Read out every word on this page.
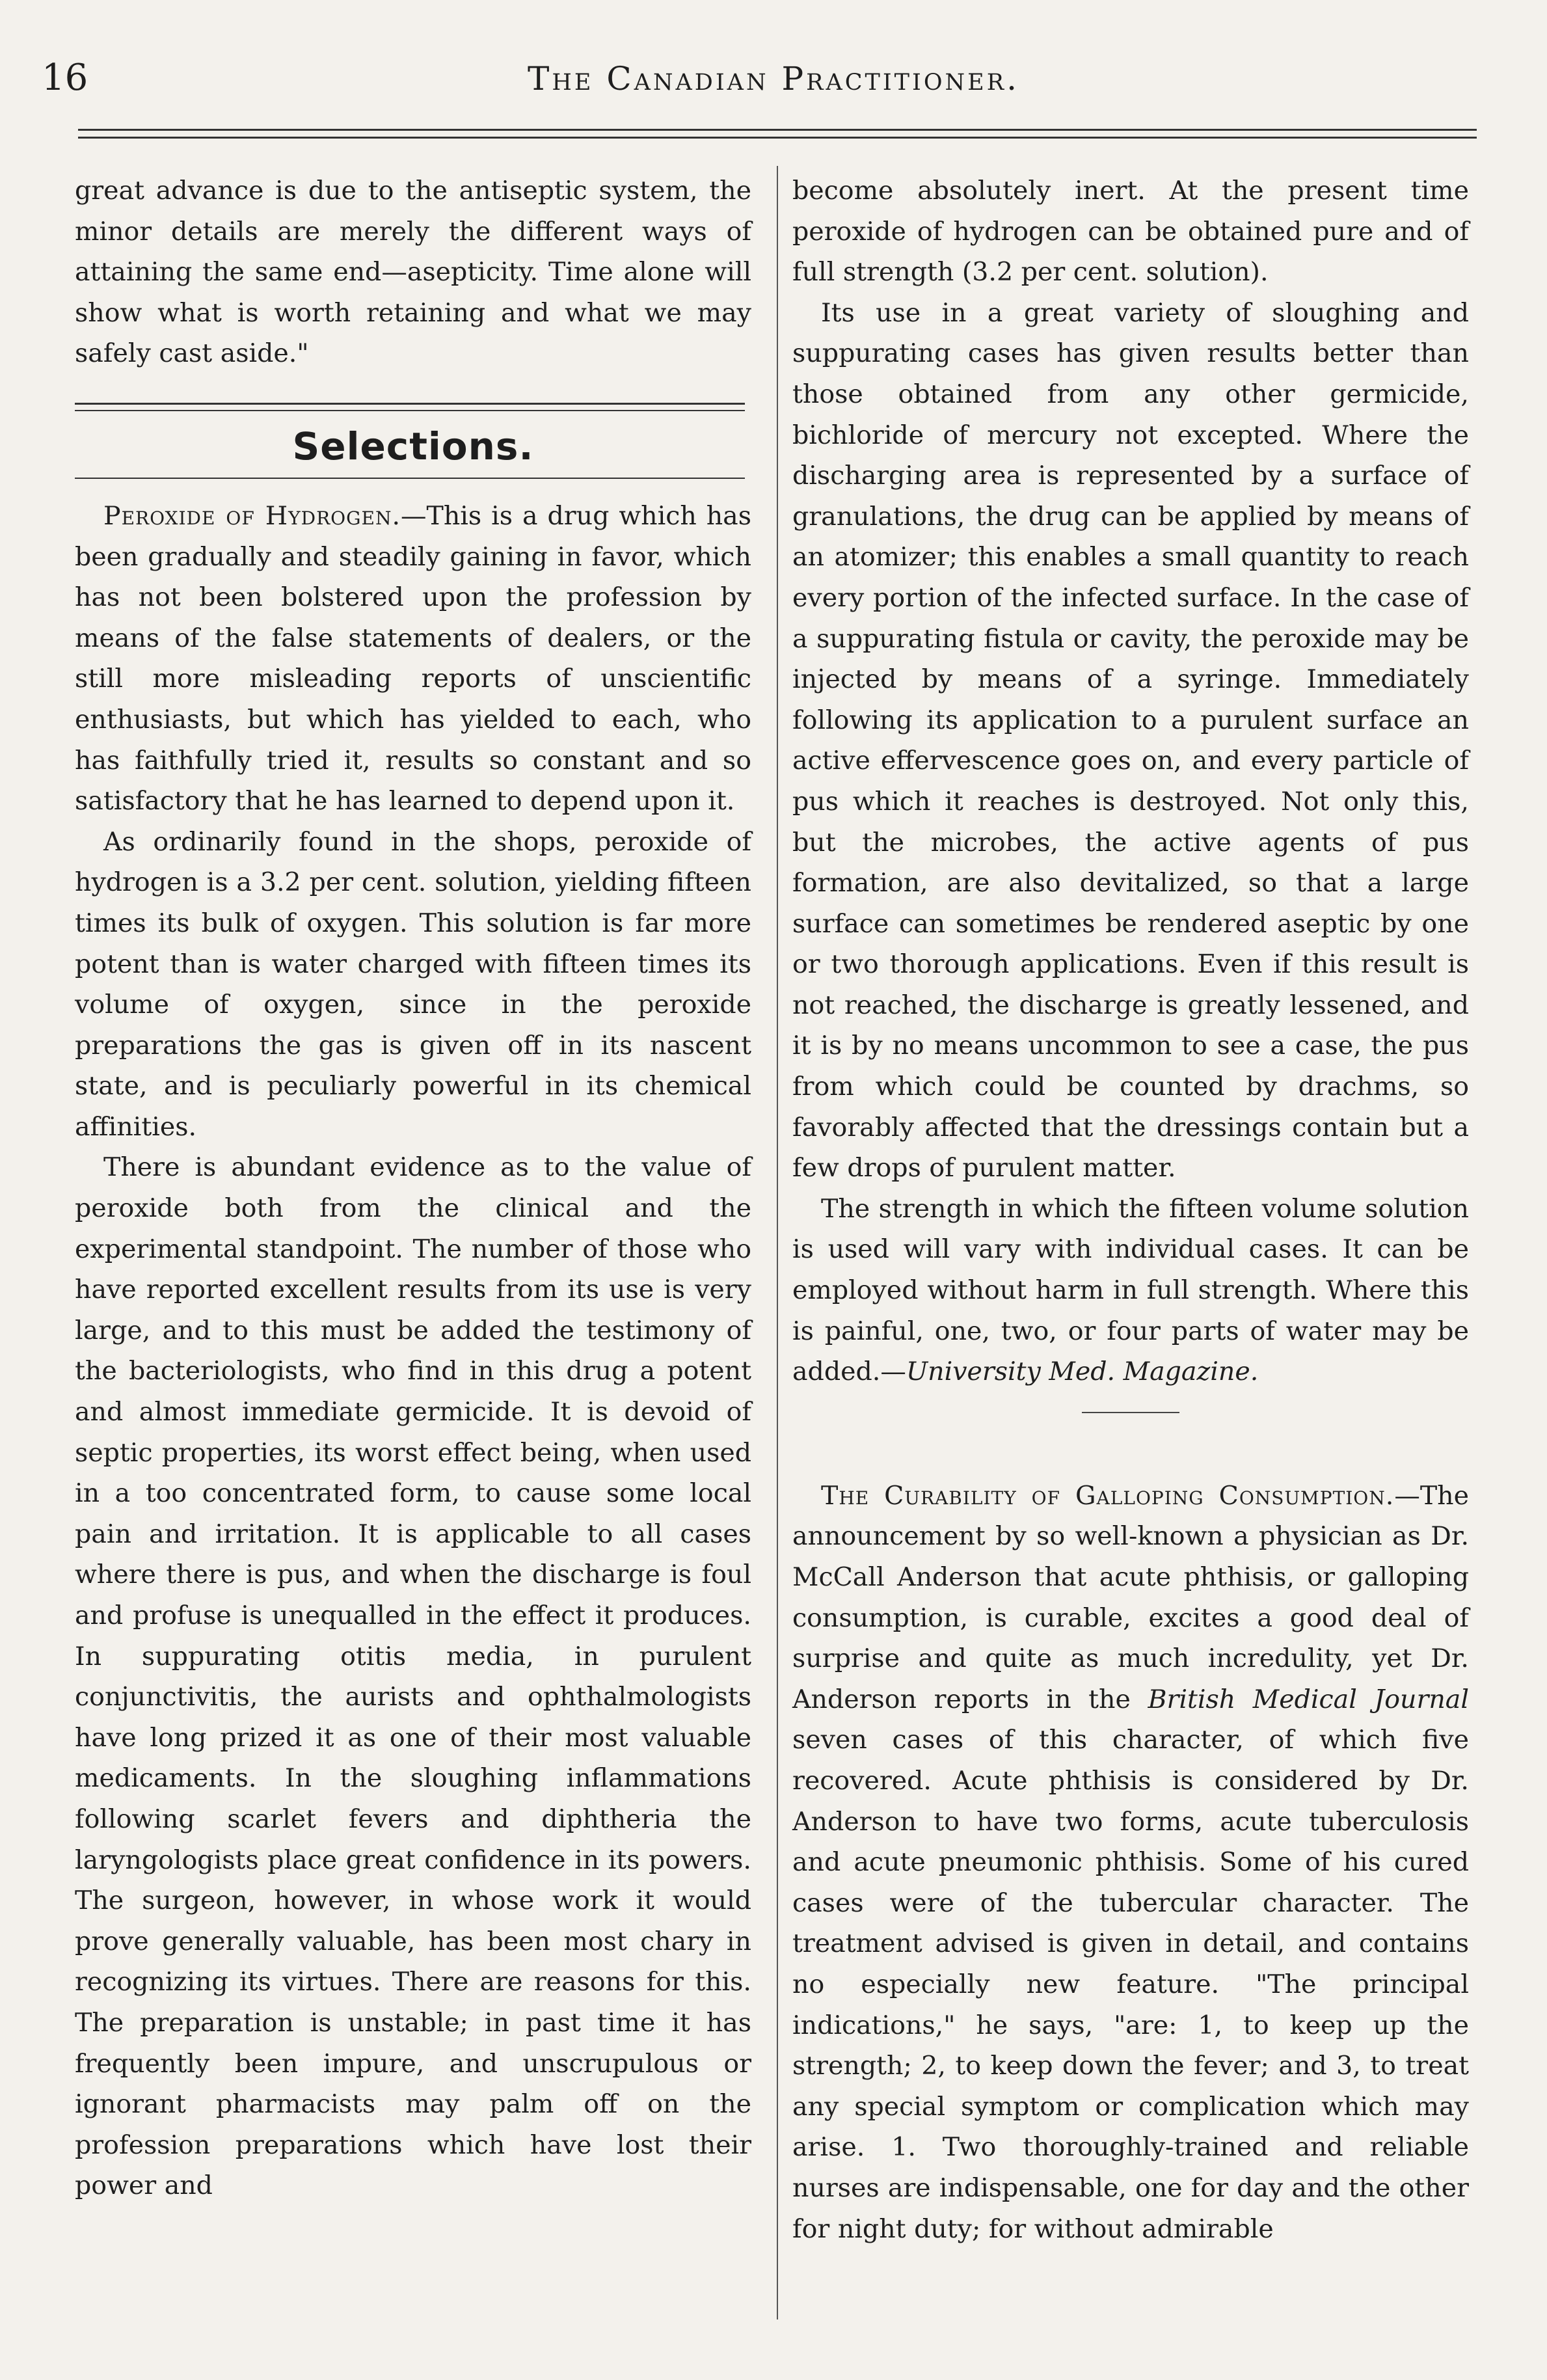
16	The Canadian Practitioner.

great advance is due to the antiseptic system, the minor details are merely the different ways of attaining the same end—asepticity. Time alone will show what is worth retaining and what we may safely cast aside."

Selections.

Peroxide of Hydrogen.—This is a drug which has been gradually and steadily gaining in favor, which has not been bolstered upon the profession by means of the false statements of dealers, or the still more misleading reports of unscientific enthusiasts, but which has yielded to each, who has faithfully tried it, results so constant and so satisfactory that he has learned to depend upon it.

As ordinarily found in the shops, peroxide of hydrogen is a 3.2 per cent. solution, yielding fifteen times its bulk of oxygen. This solution is far more potent than is water charged with fifteen times its volume of oxygen, since in the peroxide preparations the gas is given off in its nascent state, and is peculiarly powerful in its chemical affinities.

There is abundant evidence as to the value of peroxide both from the clinical and the experimental standpoint. The number of those who have reported excellent results from its use is very large, and to this must be added the testimony of the bacteriologists, who find in this drug a potent and almost immediate germicide. It is devoid of septic properties, its worst effect being, when used in a too concentrated form, to cause some local pain and irritation. It is applicable to all cases where there is pus, and when the discharge is foul and profuse is unequalled in the effect it produces. In suppurating otitis media, in purulent conjunctivitis, the aurists and ophthalmologists have long prized it as one of their most valuable medicaments. In the sloughing inflammations following scarlet fevers and diphtheria the laryngologists place great confidence in its powers. The surgeon, however, in whose work it would prove generally valuable, has been most chary in recognizing its virtues. There are reasons for this. The preparation is unstable; in past time it has frequently been impure, and unscrupulous or ignorant pharmacists may palm off on the profession preparations which have lost their power and

become absolutely inert. At the present time peroxide of hydrogen can be obtained pure and of full strength (3.2 per cent. solution).

Its use in a great variety of sloughing and suppurating cases has given results better than those obtained from any other germicide, bichloride of mercury not excepted. Where the discharging area is represented by a surface of granulations, the drug can be applied by means of an atomizer; this enables a small quantity to reach every portion of the infected surface. In the case of a suppurating fistula or cavity, the peroxide may be injected by means of a syringe. Immediately following its application to a purulent surface an active effervescence goes on, and every particle of pus which it reaches is destroyed. Not only this, but the microbes, the active agents of pus formation, are also devitalized, so that a large surface can sometimes be rendered aseptic by one or two thorough applications. Even if this result is not reached, the discharge is greatly lessened, and it is by no means uncommon to see a case, the pus from which could be counted by drachms, so favorably affected that the dressings contain but a few drops of purulent matter.

The strength in which the fifteen volume solution is used will vary with individual cases. It can be employed without harm in full strength. Where this is painful, one, two, or four parts of water may be added.—University Med. Magazine.

The Curability of Galloping Consumption.—The announcement by so well-known a physician as Dr. McCall Anderson that acute phthisis, or galloping consumption, is curable, excites a good deal of surprise and quite as much incredulity, yet Dr. Anderson reports in the British Medical Journal seven cases of this character, of which five recovered. Acute phthisis is considered by Dr. Anderson to have two forms, acute tuberculosis and acute pneumonic phthisis. Some of his cured cases were of the tubercular character. The treatment advised is given in detail, and contains no especially new feature. "The principal indications," he says, "are: 1, to keep up the strength; 2, to keep down the fever; and 3, to treat any special symptom or complication which may arise. 1. Two thoroughly-trained and reliable nurses are indispensable, one for day and the other for night duty; for without admirable
